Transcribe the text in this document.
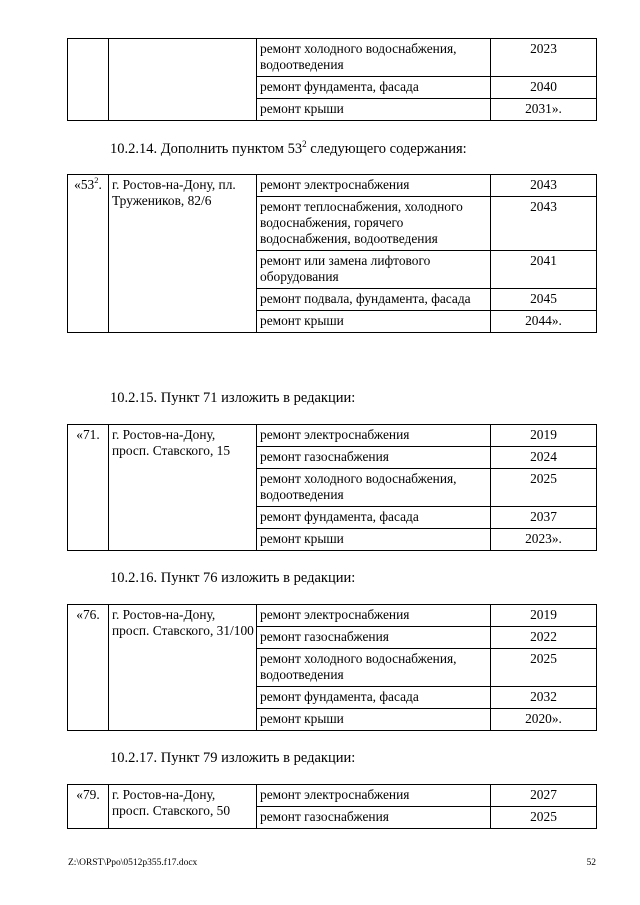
		ремонт холодного водоснабжения, водоотведения	2023
		ремонт фундамента, фасада	2040
		ремонт крыши	2031».
10.2.14. Дополнить пунктом $53^2$ следующего содержания:
«$53^2$.	г. Ростов-на-Дону, пл. Тружеников, 82/6	ремонт электроснабжения	2043
		ремонт теплоснабжения, холодного водоснабжения, горячего водоснабжения, водоотведения	2043
		ремонт или замена лифтового оборудования	2041
		ремонт подвала, фундамента, фасада	2045
		ремонт крыши	2044».
10.2.15. Пункт 71 изложить в редакции:
«71.	г. Ростов-на-Дону, просп. Ставского, 15	ремонт электроснабжения	2019
		ремонт газоснабжения	2024
		ремонт холодного водоснабжения, водоотведения	2025
		ремонт фундамента, фасада	2037
		ремонт крыши	2023».
10.2.16. Пункт 76 изложить в редакции:
«76.	г. Ростов-на-Дону, просп. Ставского, 31/100	ремонт электроснабжения	2019
		ремонт газоснабжения	2022
		ремонт холодного водоснабжения, водоотведения	2025
		ремонт фундамента, фасада	2032
		ремонт крыши	2020».
10.2.17. Пункт 79 изложить в редакции:
«79.	г. Ростов-на-Дону, просп. Ставского, 50	ремонт электроснабжения	2027
		ремонт газоснабжения	2025
Z:\ORST\Ppo\0512p355.f17.docx	52
